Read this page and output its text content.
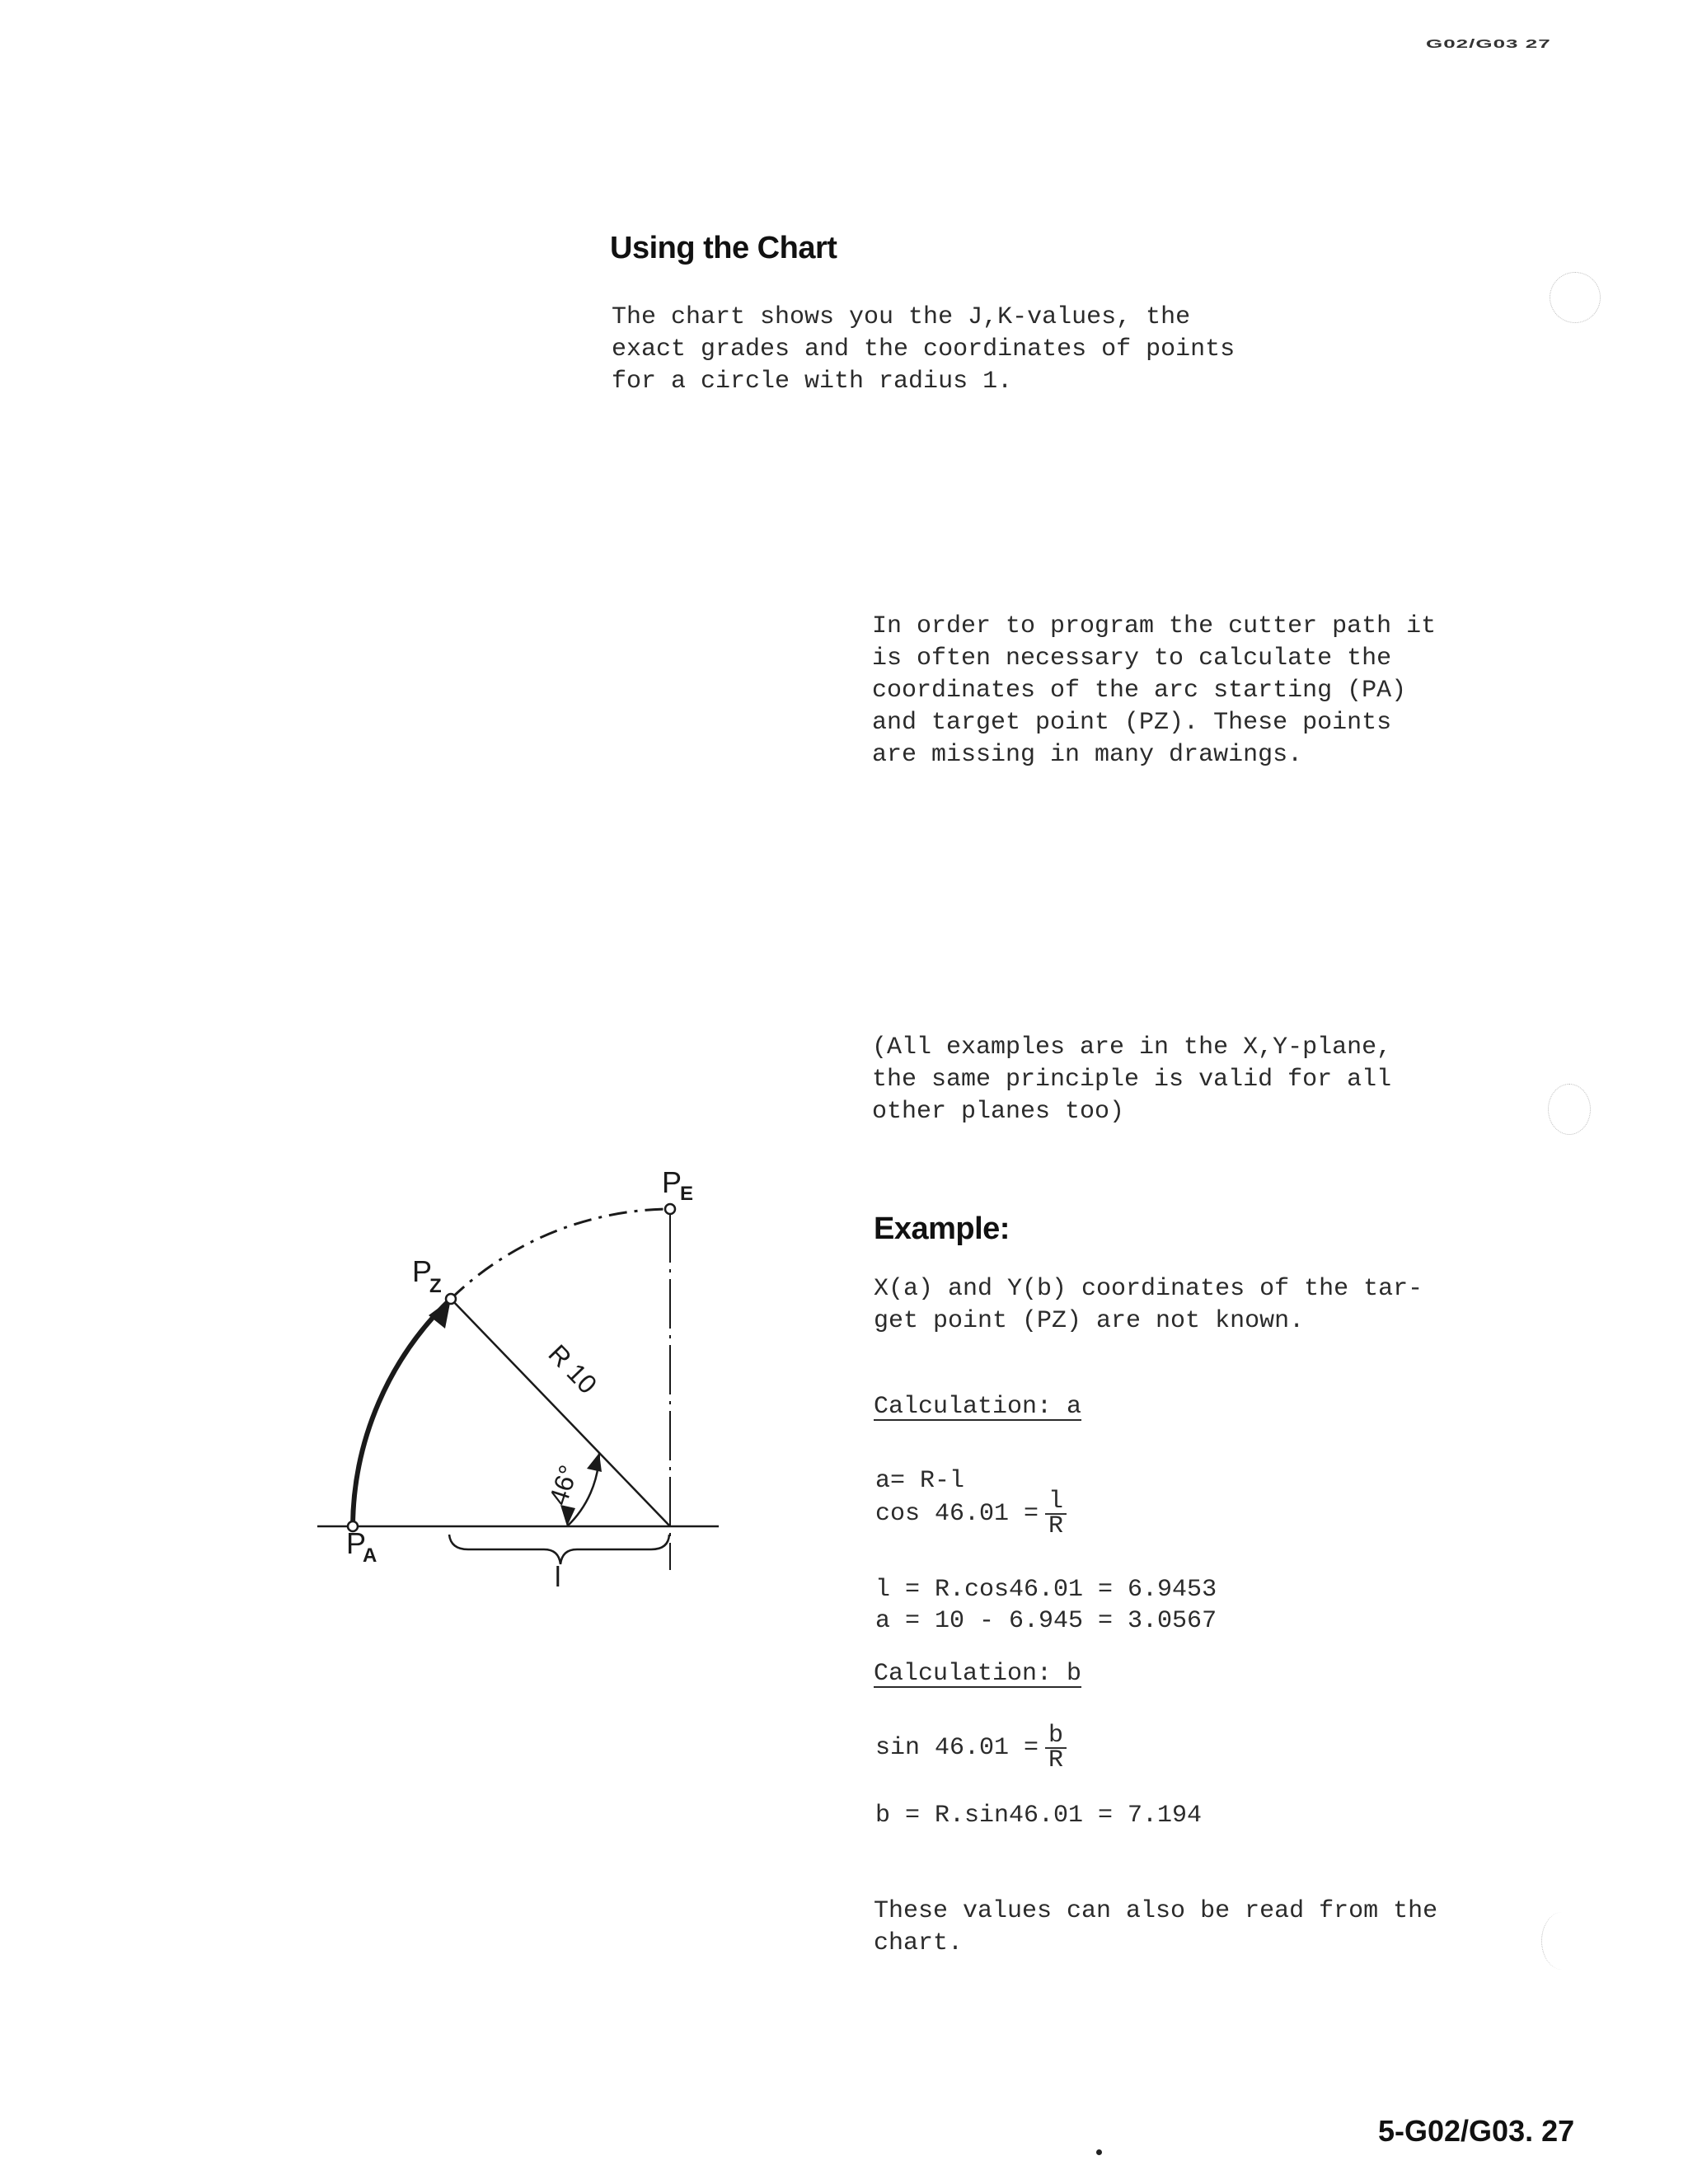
G02/G03 27
Using the Chart
The chart shows you the J,K-values, the
exact grades and the coordinates of points
for a circle with radius 1.
In order to program the cutter path it
is often necessary to calculate the
coordinates of the arc starting (PA)
and target point (PZ). These points
are missing in many drawings.
(All examples are in the X,Y-plane,
the same principle is valid for all
other planes too)
Example:
X(a) and Y(b) coordinates of the tar-
get point (PZ) are not known.
Calculation: a
a= R-l
$\cos 46.01 = \frac{l}{R}$
l = R.cos46.01 = 6.9453
a = 10 - 6.945 = 3.0567
Calculation: b
$\sin 46.01 = \frac{b}{R}$
b = R.sin46.01 = 7.194
These values can also be read from the
chart.
P
E
P
Z
P
A
R 10
46°
l
5-G02/G03. 27
